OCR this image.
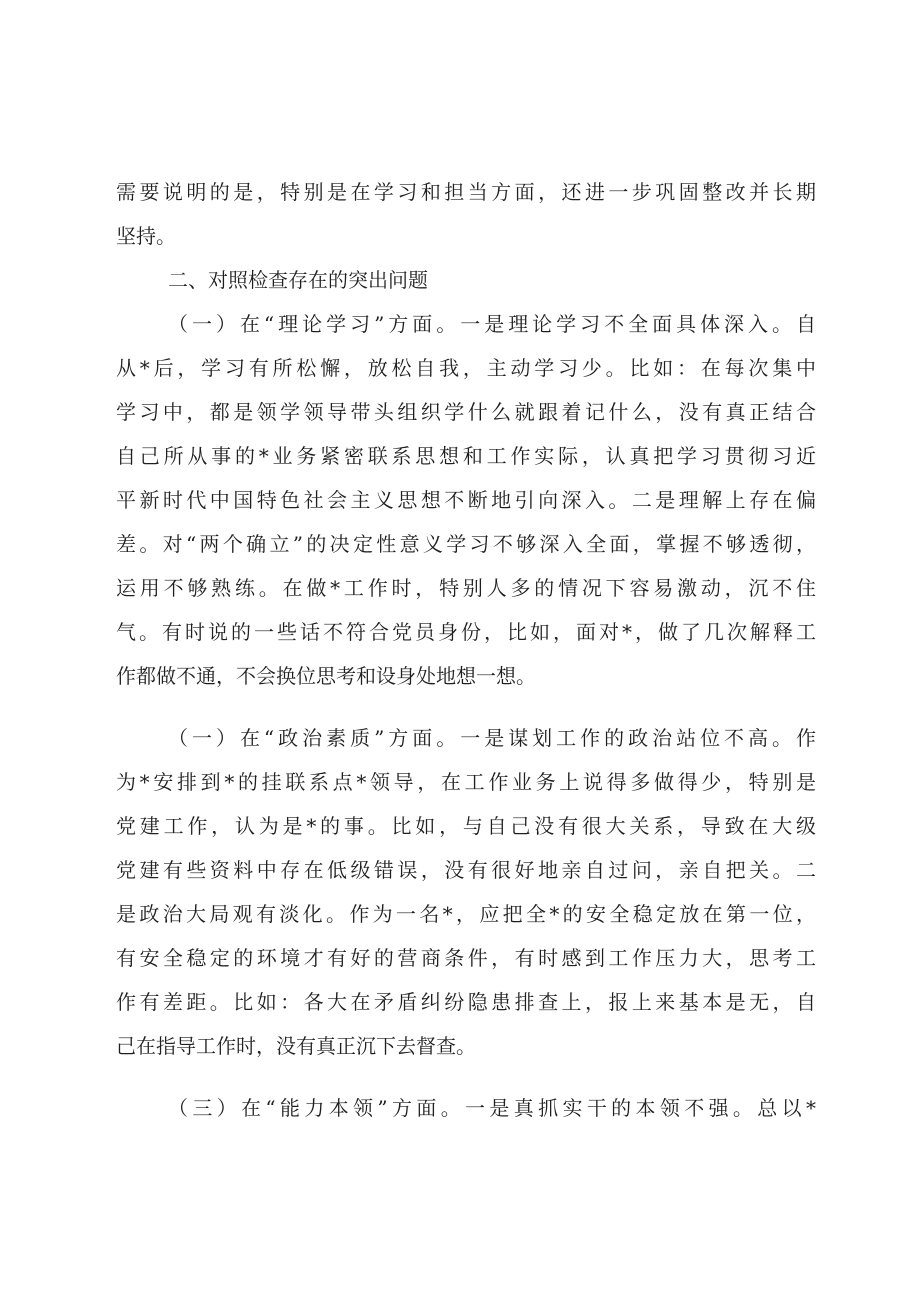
需要说明的是，特别是在学习和担当方面，还进一步巩固整改并长期
坚持。
二、对照检查存在的突出问题
（一）在“理论学习”方面。一是理论学习不全面具体深入。自
从*后，学习有所松懈，放松自我，主动学习少。比如：在每次集中
学习中，都是领学领导带头组织学什么就跟着记什么，没有真正结合
自己所从事的*业务紧密联系思想和工作实际，认真把学习贯彻习近
平新时代中国特色社会主义思想不断地引向深入。二是理解上存在偏
差。对“两个确立”的决定性意义学习不够深入全面，掌握不够透彻，
运用不够熟练。在做*工作时，特别人多的情况下容易激动，沉不住
气。有时说的一些话不符合党员身份，比如，面对*，做了几次解释工
作都做不通，不会换位思考和设身处地想一想。
（一）在“政治素质”方面。一是谋划工作的政治站位不高。作
为*安排到*的挂联系点*领导，在工作业务上说得多做得少，特别是
党建工作，认为是*的事。比如，与自己没有很大关系，导致在大级
党建有些资料中存在低级错误，没有很好地亲自过问，亲自把关。二
是政治大局观有淡化。作为一名*，应把全*的安全稳定放在第一位，
有安全稳定的环境才有好的营商条件，有时感到工作压力大，思考工
作有差距。比如：各大在矛盾纠纷隐患排查上，报上来基本是无，自
己在指导工作时，没有真正沉下去督查。
（三）在“能力本领”方面。一是真抓实干的本领不强。总以*
